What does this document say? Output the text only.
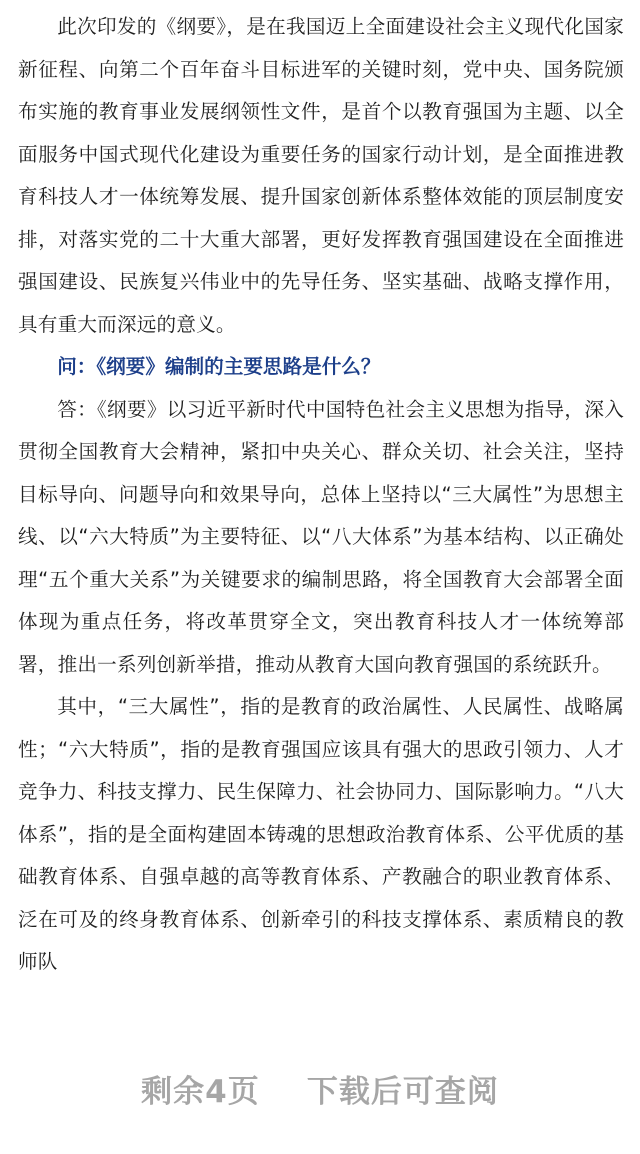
此次印发的《纲要》，是在我国迈上全面建设社会主义现代化国家新征程、向第二个百年奋斗目标进军的关键时刻，党中央、国务院颁布实施的教育事业发展纲领性文件，是首个以教育强国为主题、以全面服务中国式现代化建设为重要任务的国家行动计划，是全面推进教育科技人才一体统筹发展、提升国家创新体系整体效能的顶层制度安排，对落实党的二十大重大部署，更好发挥教育强国建设在全面推进强国建设、民族复兴伟业中的先导任务、坚实基础、战略支撑作用，具有重大而深远的意义。

问：《纲要》编制的主要思路是什么？

答：《纲要》以习近平新时代中国特色社会主义思想为指导，深入贯彻全国教育大会精神，紧扣中央关心、群众关切、社会关注，坚持目标导向、问题导向和效果导向，总体上坚持以“三大属性”为思想主线、以“六大特质”为主要特征、以“八大体系”为基本结构、以正确处理“五个重大关系”为关键要求的编制思路，将全国教育大会部署全面体现为重点任务，将改革贯穿全文，突出教育科技人才一体统筹部署，推出一系列创新举措，推动从教育大国向教育强国的系统跃升。

其中，“三大属性”，指的是教育的政治属性、人民属性、战略属性；“六大特质”，指的是教育强国应该具有强大的思政引领力、人才竞争力、科技支撑力、民生保障力、社会协同力、国际影响力。“八大体系”，指的是全面构建固本铸魂的思想政治教育体系、公平优质的基础教育体系、自强卓越的高等教育体系、产教融合的职业教育体系、泛在可及的终身教育体系、创新牵引的科技支撑体系、素质精良的教师队

剩余4页    下载后可查阅
